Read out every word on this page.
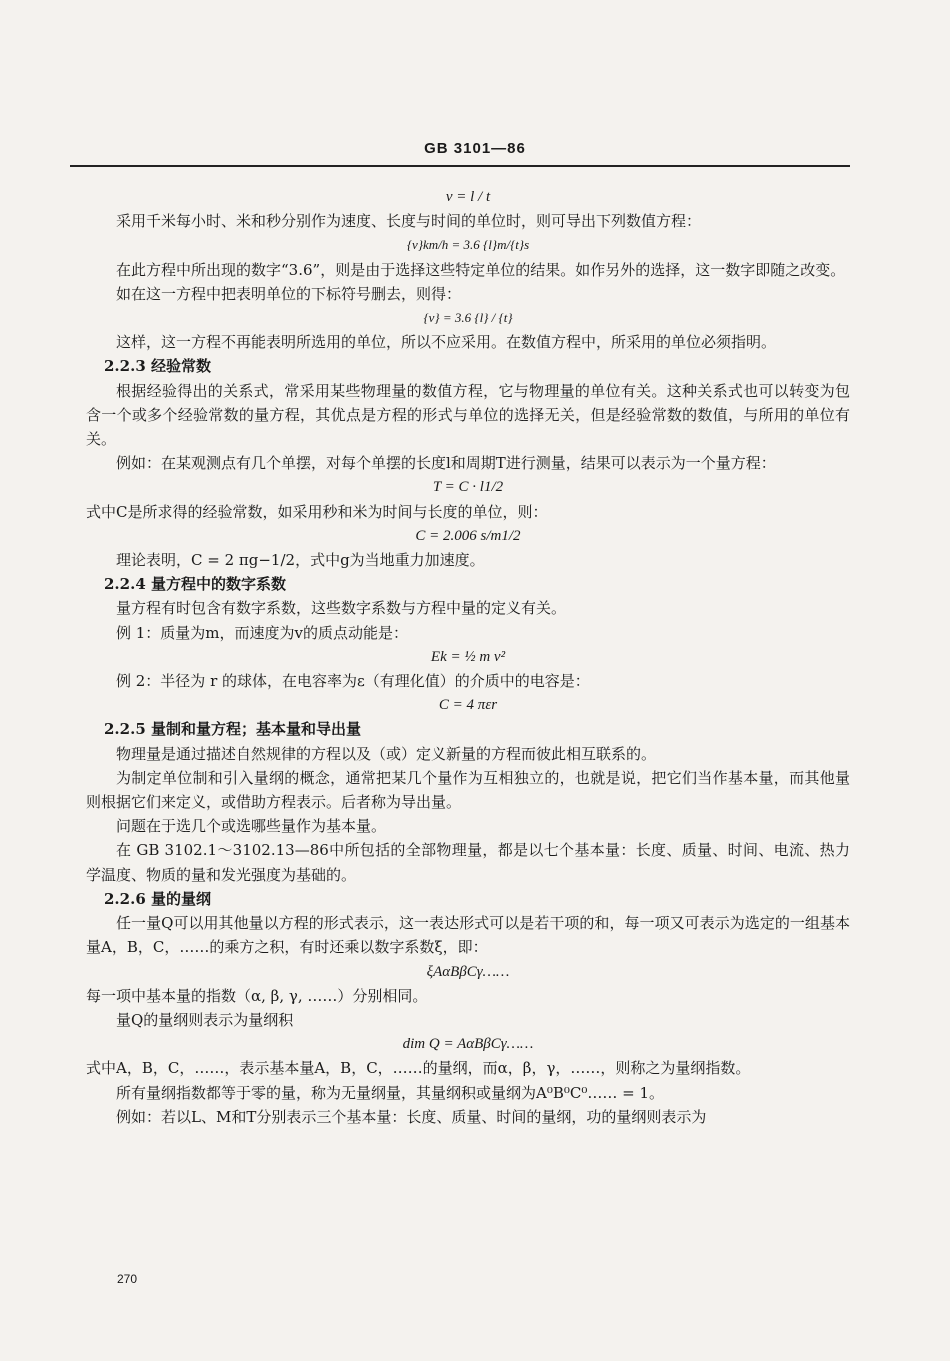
GB 3101—86

v = l / t

采用千米每小时、米和秒分别作为速度、长度与时间的单位时，则可导出下列数值方程：

{v}km/h = 3.6 {l}m/{t}s

在此方程中所出现的数字“3.6”，则是由于选择这些特定单位的结果。如作另外的选择，这一数字即随之改变。

如在这一方程中把表明单位的下标符号删去，则得：

{v} = 3.6 {l} / {t}

这样，这一方程不再能表明所选用的单位，所以不应采用。在数值方程中，所采用的单位必须指明。

2.2.3 经验常数

根据经验得出的关系式，常采用某些物理量的数值方程，它与物理量的单位有关。这种关系式也可以转变为包含一个或多个经验常数的量方程，其优点是方程的形式与单位的选择无关，但是经验常数的数值，与所用的单位有关。

例如：在某观测点有几个单摆，对每个单摆的长度l和周期T进行测量，结果可以表示为一个量方程：

T = C · l1/2

式中C是所求得的经验常数，如采用秒和米为时间与长度的单位，则：

C = 2.006 s/m1/2

理论表明，C = 2 πg−1/2，式中g为当地重力加速度。

2.2.4 量方程中的数字系数

量方程有时包含有数字系数，这些数字系数与方程中量的定义有关。

例 1：质量为m，而速度为v的质点动能是：

Ek = ½ m v²

例 2：半径为 r 的球体，在电容率为ε（有理化值）的介质中的电容是：

C = 4 πεr

2.2.5 量制和量方程；基本量和导出量

物理量是通过描述自然规律的方程以及（或）定义新量的方程而彼此相互联系的。

为制定单位制和引入量纲的概念，通常把某几个量作为互相独立的，也就是说，把它们当作基本量，而其他量则根据它们来定义，或借助方程表示。后者称为导出量。

问题在于选几个或选哪些量作为基本量。

在 GB 3102.1～3102.13—86中所包括的全部物理量，都是以七个基本量：长度、质量、时间、电流、热力学温度、物质的量和发光强度为基础的。

2.2.6 量的量纲

任一量Q可以用其他量以方程的形式表示，这一表达形式可以是若干项的和，每一项又可表示为选定的一组基本量A，B，C，……的乘方之积，有时还乘以数字系数ξ，即：

ξAαBβCγ……

每一项中基本量的指数（α, β, γ, ……）分别相同。

量Q的量纲则表示为量纲积

dim Q = AαBβCγ……

式中A，B，C，……，表示基本量A，B，C，……的量纲，而α，β，γ，……，则称之为量纲指数。

所有量纲指数都等于零的量，称为无量纲量，其量纲积或量纲为A⁰B⁰C⁰…… = 1。

例如：若以L、M和T分别表示三个基本量：长度、质量、时间的量纲，功的量纲则表示为

270
